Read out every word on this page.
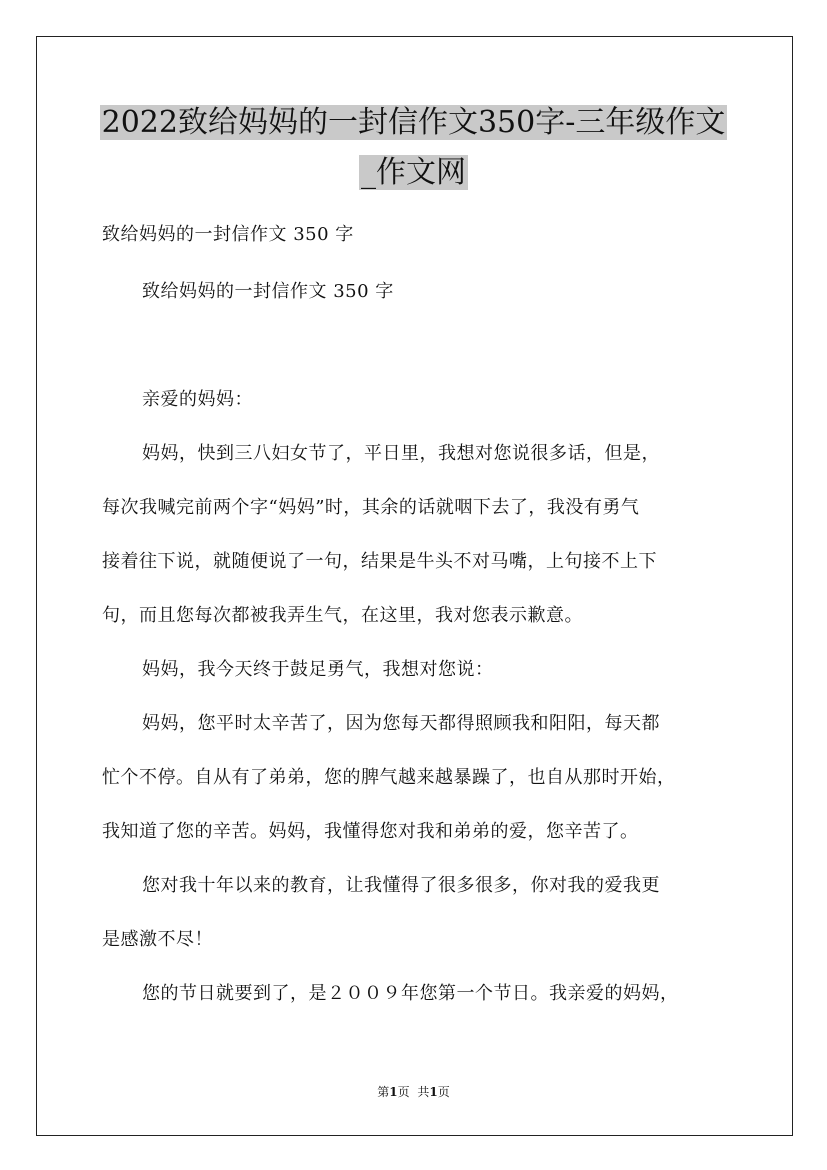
2022致给妈妈的一封信作文350字-三年级作文
_作文网
致给妈妈的一封信作文 350 字
致给妈妈的一封信作文 350 字
亲爱的妈妈：
妈妈，快到三八妇女节了，平日里，我想对您说很多话，但是，
每次我喊完前两个字“妈妈”时，其余的话就咽下去了，我没有勇气
接着往下说，就随便说了一句，结果是牛头不对马嘴，上句接不上下
句，而且您每次都被我弄生气，在这里，我对您表示歉意。
妈妈，我今天终于鼓足勇气，我想对您说：
妈妈，您平时太辛苦了，因为您每天都得照顾我和阳阳，每天都
忙个不停。自从有了弟弟，您的脾气越来越暴躁了，也自从那时开始，
我知道了您的辛苦。妈妈，我懂得您对我和弟弟的爱，您辛苦了。
您对我十年以来的教育，让我懂得了很多很多，你对我的爱我更
是感激不尽！
您的节日就要到了，是２００９年您第一个节日。我亲爱的妈妈，
第1页 共1页
